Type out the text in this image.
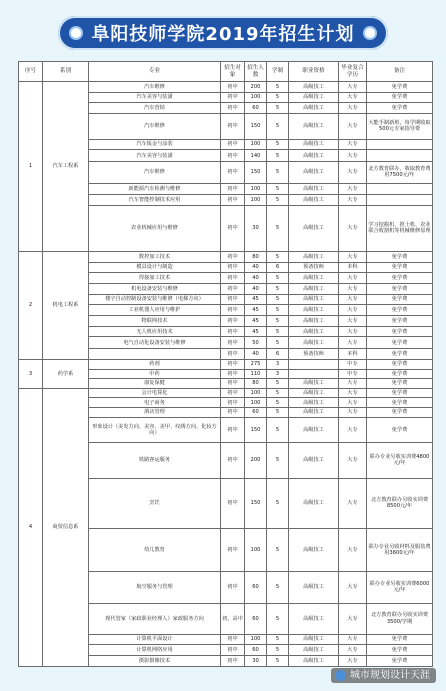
阜阳技师学院2019年招生计划
序号	系别	专业	招生对象	招生人数	学制	职业资格	毕业复合学历	备注
1	汽车工程系	汽车维修	初中	200	5	高级技工	大专	免学费
		汽车美容与装潢	初中	100	5	高级技工	大专	免学费
		汽车营销	初中	60	5	高级技工	大专	免学费
		汽车维修	初中	150	5	高级技工	大专	大能手制新班，每学期收取500元专家指导费
		汽车钣金与涂装	初中	100	5	高级技工	大专	
		汽车美容与装潢	初中	140	5	高级技工	大专	
		汽车维修	初中	150	5	高级技工	大专	北方教育联办，收取教育费用7500元/年
		新能源汽车检测与维修	初中	100	5	高级技工	大专	
		汽车智能控制技术应用	初中	100	5	高级技工	大专	
		农业机械应用与维修	初中	30	5	高级技工	大专	学习挖掘机、推土机、农业联合收割机等机械维修原理
2	机电工程系	数控加工技术	初中	80	5	高级技工	大专	免学费
		模具设计与制造	初中	40	6	预备技师	本科	免学费
		焊接加工技术	初中	40	5	高级技工	大专	免学费
		机电设备安装与维修	初中	40	5	高级技工	大专	免学费
		楼宇自动控制设备安装与维修（电梯方向）	初中	45	5	高级技工	大专	免学费
		工业机器人应用与维护	初中	45	5	高级技工	大专	免学费
		物联网技术	初中	45	5	高级技工	大专	免学费
		无人机应用技术	初中	45	5	高级技工	大专	免学费
		电气自动化设备安装与维修	初中	50	5	高级技工	大专	免学费
			初中	40	6	预备技师	本科	免学费
3	药学系	药剂	初中	275	3		中专	免学费
		中药	初中	110	3		中专	免学费
		康复保健	初中	80	5	高级技工	大专	免学费
4	商贸信息系	会计电算化	初中	100	5	高级技工	大专	免学费
		电子商务	初中	100	5	高级技工	大专	免学费
		酒店管理	初中	60	5	高级技工	大专	免学费
		形象设计（美发方向、美容、美甲、纹绣方向、化妆方向）	初中	150	5	高级技工	大专	免学费
		铁路客运服务	初中	200	5	高级技工	大专	联办专业另收实训费4800元/年
		烹饪	初中	150	5	高级技工	大专	北方教育联办另收实训费8500元/年
		幼儿教育	初中	100	5	高级技工	大专	联办专业另收材料及服装费用3600元/年
		航空服务与管理	初中	60	5	高级技工	大专	联办专业另收实训费6000元/年
		现代管家（家政职业经理人）家政服务方向	初、高中	60	5	高级技工	大专	北方教育联办另收实训费3500/学期
		计算机平面设计	初中	100	5	高级技工	大专	免学费
		计算机网络应用	初中	60	5	高级技工	大专	免学费
		摄影摄像技术	初中	30	5	高级技工	大专	免学费
城市规划设计天涯
